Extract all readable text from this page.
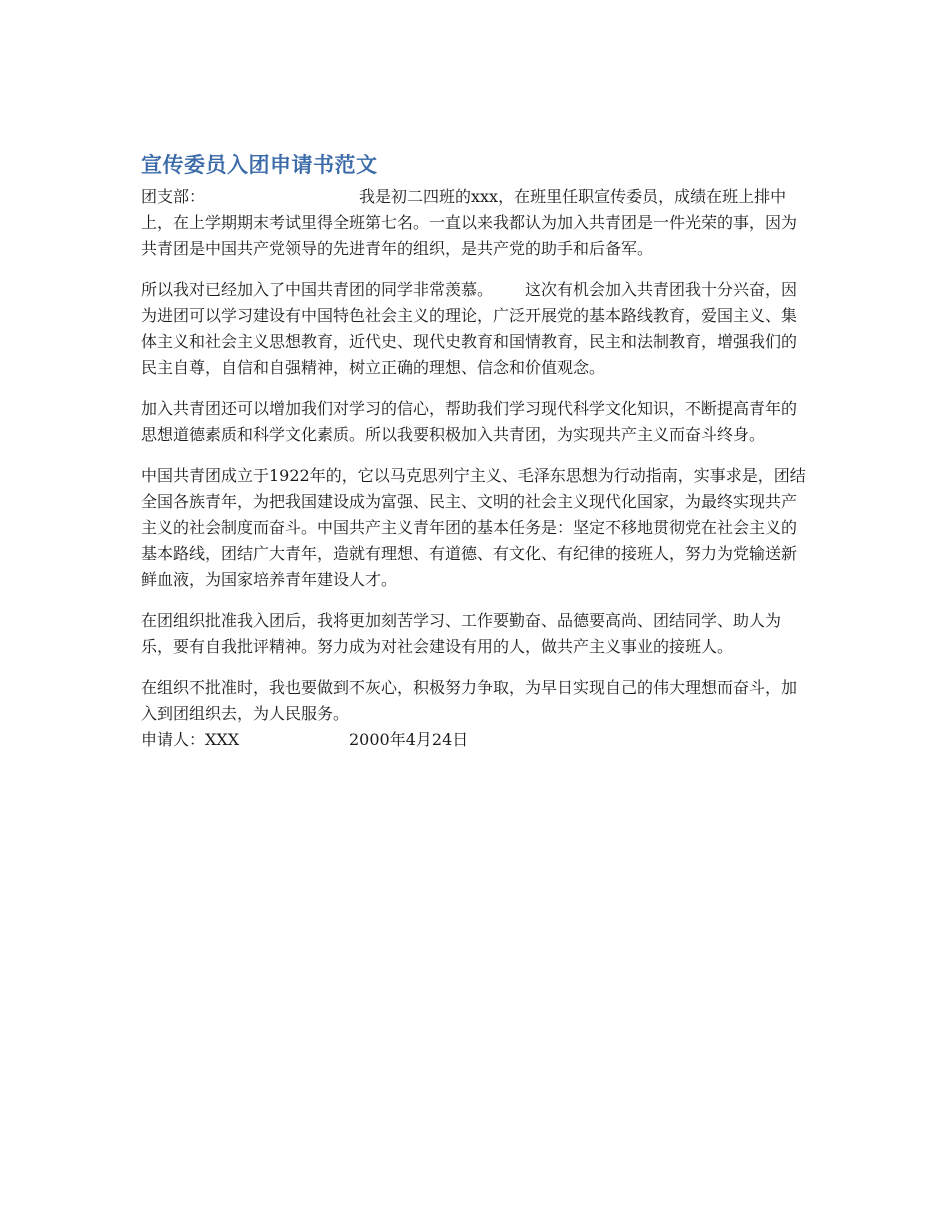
宣传委员入团申请书范文

团支部：	我是初二四班的xxx，在班里任职宣传委员，成绩在班上排中上，在上学期期末考试里得全班第七名。一直以来我都认为加入共青团是一件光荣的事，因为共青团是中国共产党领导的先进青年的组织，是共产党的助手和后备军。

所以我对已经加入了中国共青团的同学非常羡慕。 这次有机会加入共青团我十分兴奋，因为进团可以学习建设有中国特色社会主义的理论，广泛开展党的基本路线教育，爱国主义、集体主义和社会主义思想教育，近代史、现代史教育和国情教育，民主和法制教育，增强我们的民主自尊，自信和自强精神，树立正确的理想、信念和价值观念。

加入共青团还可以增加我们对学习的信心，帮助我们学习现代科学文化知识，不断提高青年的思想道德素质和科学文化素质。所以我要积极加入共青团，为实现共产主义而奋斗终身。

中国共青团成立于1922年的，它以马克思列宁主义、毛泽东思想为行动指南，实事求是，团结全国各族青年，为把我国建设成为富强、民主、文明的社会主义现代化国家，为最终实现共产主义的社会制度而奋斗。中国共产主义青年团的基本任务是：坚定不移地贯彻党在社会主义的基本路线，团结广大青年，造就有理想、有道德、有文化、有纪律的接班人，努力为党输送新鲜血液，为国家培养青年建设人才。

在团组织批准我入团后，我将更加刻苦学习、工作要勤奋、品德要高尚、团结同学、助人为乐，要有自我批评精神。努力成为对社会建设有用的人，做共产主义事业的接班人。

在组织不批准时，我也要做到不灰心，积极努力争取，为早日实现自己的伟大理想而奋斗，加入到团组织去，为人民服务。

申请人：XXX	2000年4月24日
